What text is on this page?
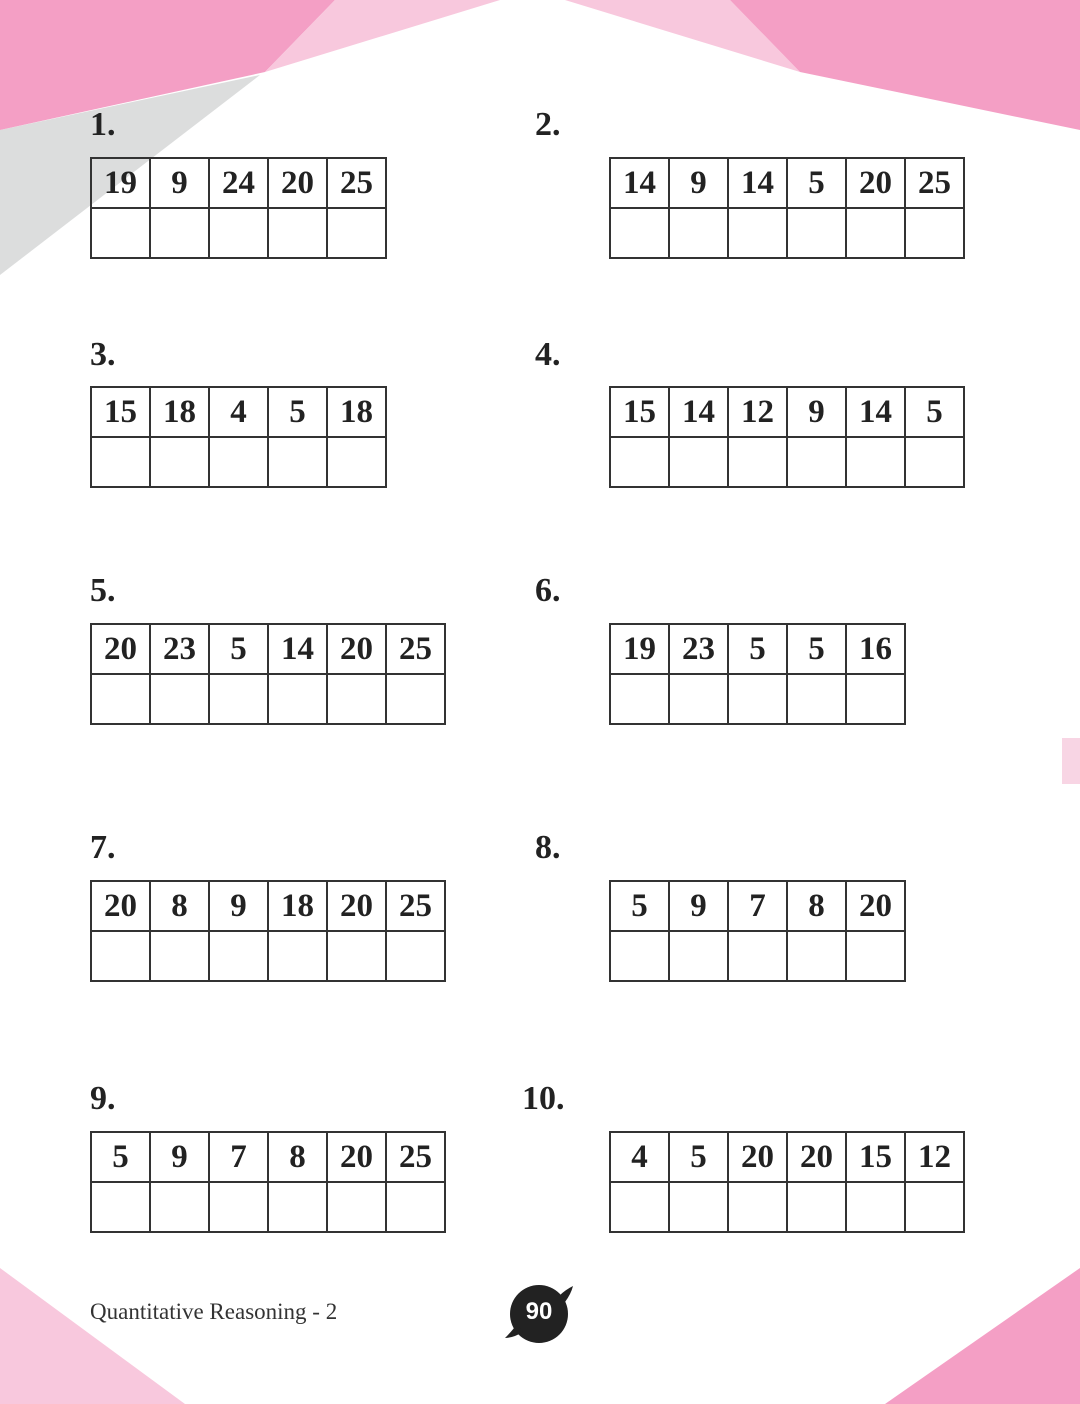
1.
19	9	24	20	25

2.
14	9	14	5	20	25

3.
15	18	4	5	18

4.
15	14	12	9	14	5

5.
20	23	5	14	20	25

6.
19	23	5	5	16

7.
20	8	9	18	20	25

8.
5	9	7	8	20

9.
5	9	7	8	20	25

10.
4	5	20	20	15	12

Quantitative Reasoning - 2	90
